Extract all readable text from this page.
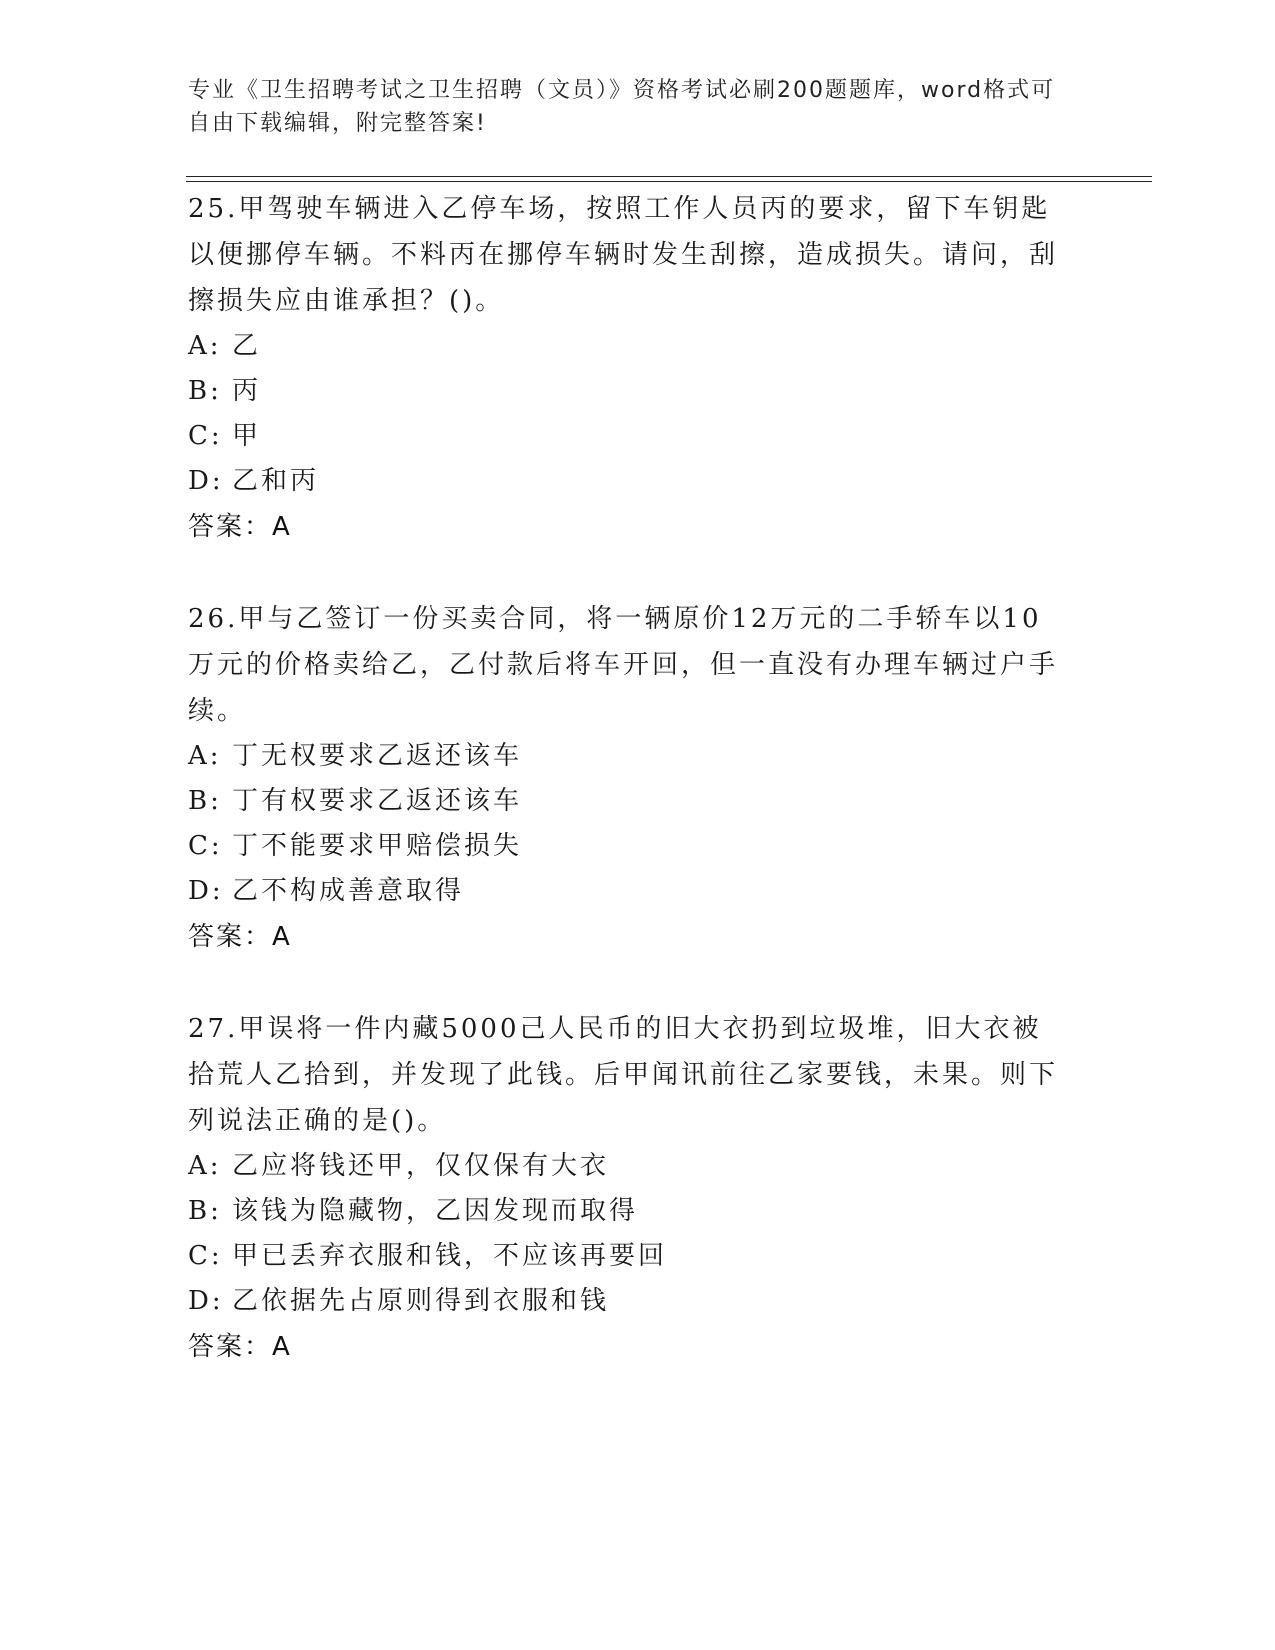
专业《卫生招聘考试之卫生招聘（文员）》资格考试必刷200题题库，word格式可自由下载编辑，附完整答案!

25.甲驾驶车辆进入乙停车场，按照工作人员丙的要求，留下车钥匙以便挪停车辆。不料丙在挪停车辆时发生刮擦，造成损失。请问，刮擦损失应由谁承担？()。

A: 乙

B: 丙

C: 甲

D: 乙和丙

答案：A

26.甲与乙签订一份买卖合同，将一辆原价12万元的二手轿车以10万元的价格卖给乙，乙付款后将车开回，但一直没有办理车辆过户手续。

A: 丁无权要求乙返还该车

B: 丁有权要求乙返还该车

C: 丁不能要求甲赔偿损失

D: 乙不构成善意取得

答案：A

27.甲误将一件内藏5000己人民币的旧大衣扔到垃圾堆，旧大衣被拾荒人乙拾到，并发现了此钱。后甲闻讯前往乙家要钱，未果。则下列说法正确的是()。

A: 乙应将钱还甲，仅仅保有大衣

B: 该钱为隐藏物，乙因发现而取得

C: 甲已丢弃衣服和钱，不应该再要回

D: 乙依据先占原则得到衣服和钱

答案：A
